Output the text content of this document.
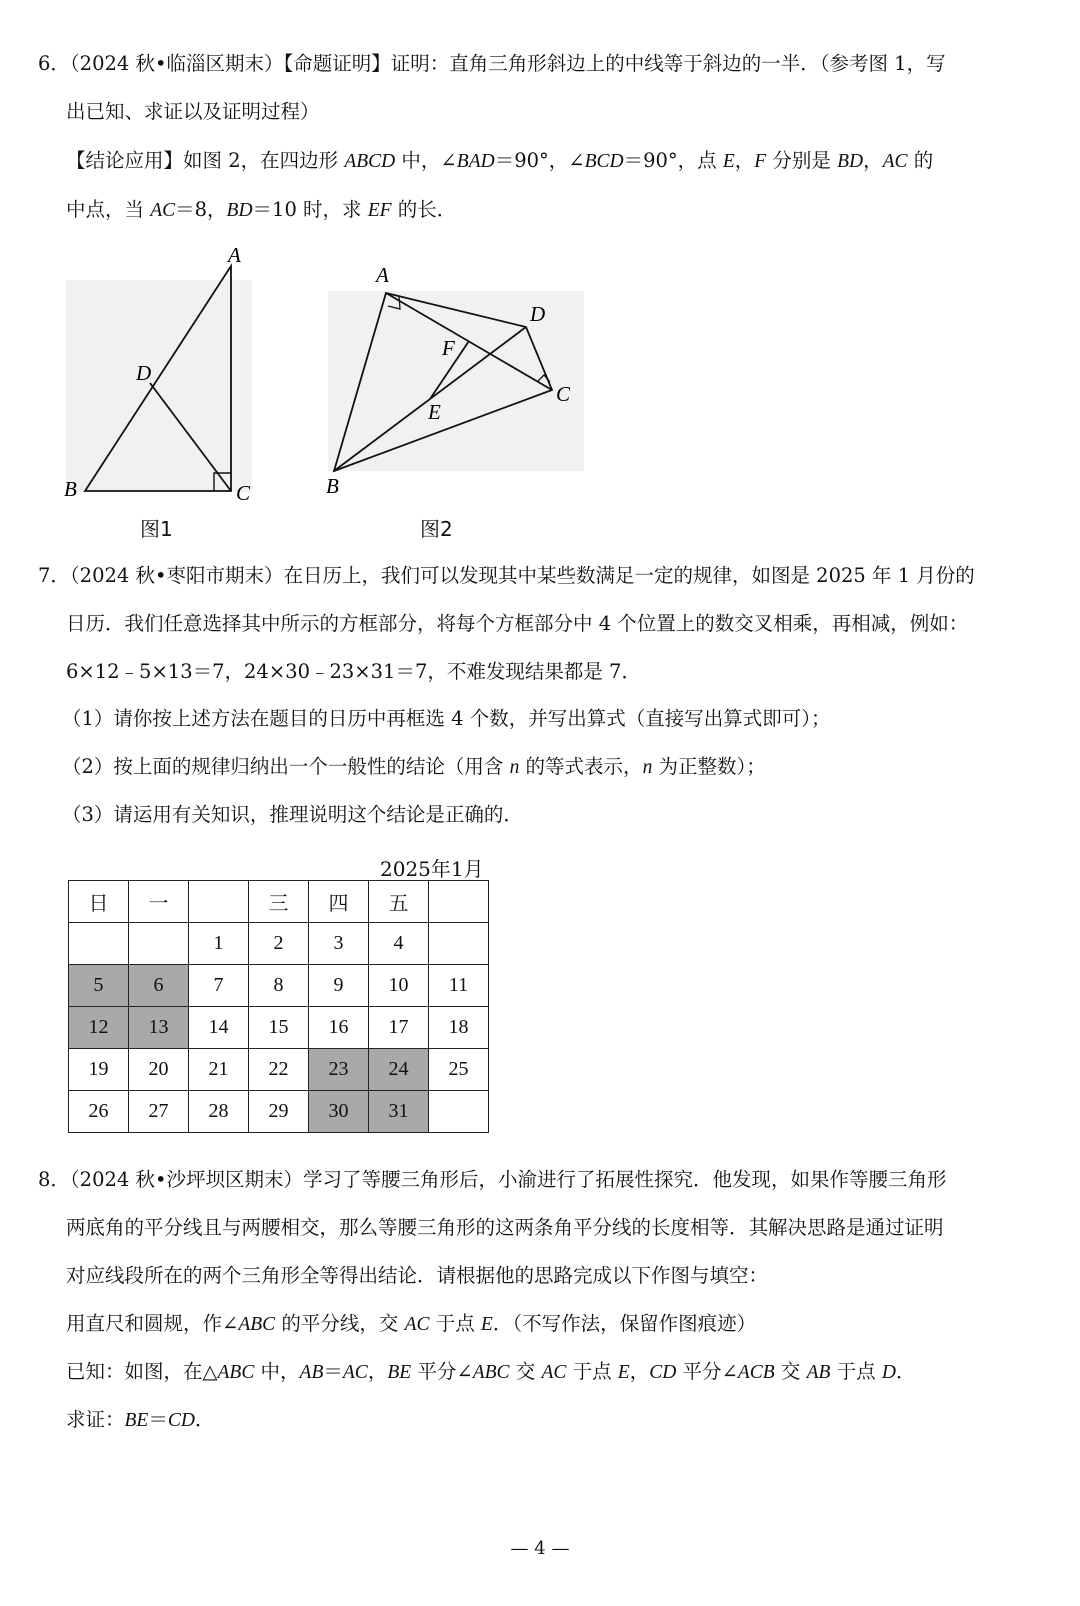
6．（2024 秋•临淄区期末）【命题证明】证明：直角三角形斜边上的中线等于斜边的一半．（参考图 1，写
出已知、求证以及证明过程）
【结论应用】如图 2，在四边形 ABCD 中，∠BAD＝90°，∠BCD＝90°，点 E，F 分别是 BD，AC 的
中点，当 AC＝8，BD＝10 时，求 EF 的长．
A
D
B	C
图1
A
D
F
E
C
B
图2
7．（2024 秋•枣阳市期末）在日历上，我们可以发现其中某些数满足一定的规律，如图是 2025 年 1 月份的
日历．我们任意选择其中所示的方框部分，将每个方框部分中 4 个位置上的数交叉相乘，再相减，例如：
6×12﹣5×13＝7，24×30﹣23×31＝7，不难发现结果都是 7．
（1）请你按上述方法在题目的日历中再框选 4 个数，并写出算式（直接写出算式即可）；
（2）按上面的规律归纳出一个一般性的结论（用含 n 的等式表示，n 为正整数）；
（3）请运用有关知识，推理说明这个结论是正确的．
2025年1月
日	一		三	四	五	
		1	2	3	4	
5	6	7	8	9	10	11
12	13	14	15	16	17	18
19	20	21	22	23	24	25
26	27	28	29	30	31	
8．（2024 秋•沙坪坝区期末）学习了等腰三角形后，小渝进行了拓展性探究．他发现，如果作等腰三角形
两底角的平分线且与两腰相交，那么等腰三角形的这两条角平分线的长度相等．其解决思路是通过证明
对应线段所在的两个三角形全等得出结论．请根据他的思路完成以下作图与填空：
用直尺和圆规，作∠ABC 的平分线，交 AC 于点 E．（不写作法，保留作图痕迹）
已知：如图，在△ABC 中，AB＝AC，BE 平分∠ABC 交 AC 于点 E，CD 平分∠ACB 交 AB 于点 D．
求证：BE＝CD．
— 4 —
